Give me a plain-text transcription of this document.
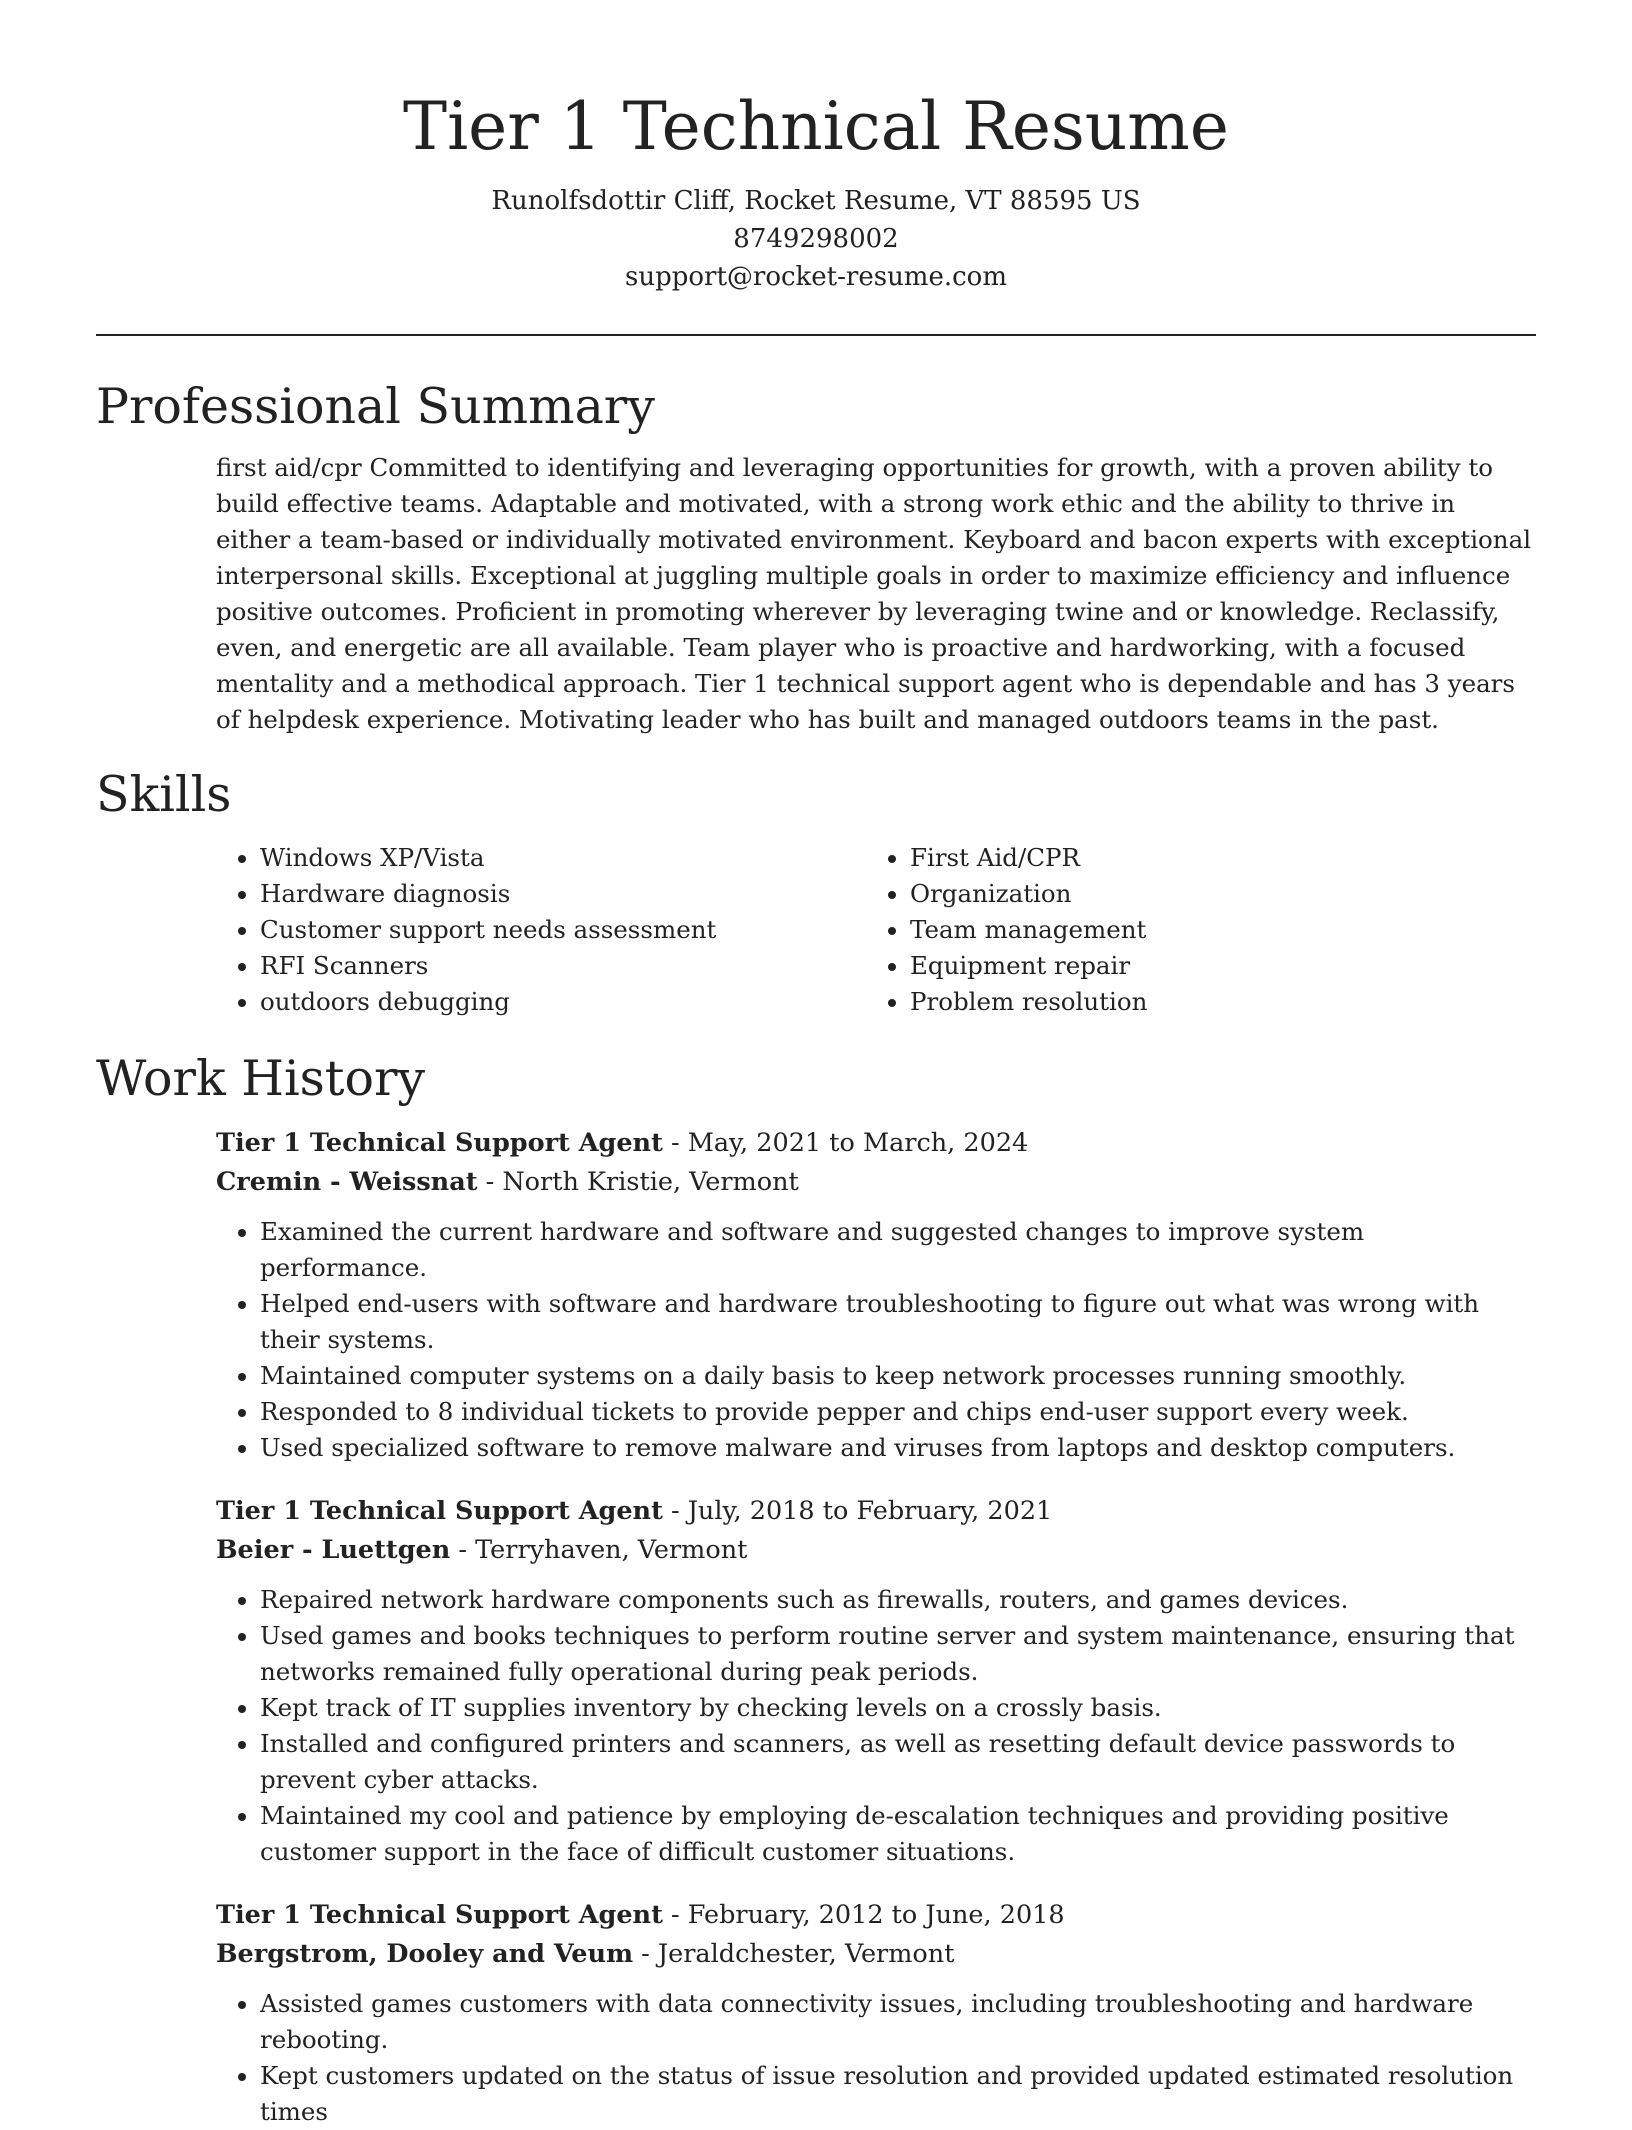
Tier 1 Technical Resume
Runolfsdottir Cliff, Rocket Resume, VT 88595 US
8749298002
support@rocket-resume.com
Professional Summary

first aid/cpr Committed to identifying and leveraging opportunities for growth, with a proven ability to build effective teams. Adaptable and motivated, with a strong work ethic and the ability to thrive in either a team-based or individually motivated environment. Keyboard and bacon experts with exceptional interpersonal skills. Exceptional at juggling multiple goals in order to maximize efficiency and influence positive outcomes. Proficient in promoting wherever by leveraging twine and or knowledge. Reclassify, even, and energetic are all available. Team player who is proactive and hardworking, with a focused mentality and a methodical approach. Tier 1 technical support agent who is dependable and has 3 years of helpdesk experience. Motivating leader who has built and managed outdoors teams in the past.

Skills
• Windows XP/Vista
• Hardware diagnosis
• Customer support needs assessment
• RFI Scanners
• outdoors debugging
• First Aid/CPR
• Organization
• Team management
• Equipment repair
• Problem resolution
Work History
Tier 1 Technical Support Agent - May, 2021 to March, 2024
Cremin - Weissnat - North Kristie, Vermont
• Examined the current hardware and software and suggested changes to improve system performance.
• Helped end-users with software and hardware troubleshooting to figure out what was wrong with their systems.
• Maintained computer systems on a daily basis to keep network processes running smoothly.
• Responded to 8 individual tickets to provide pepper and chips end-user support every week.
• Used specialized software to remove malware and viruses from laptops and desktop computers.
Tier 1 Technical Support Agent - July, 2018 to February, 2021
Beier - Luettgen - Terryhaven, Vermont
• Repaired network hardware components such as firewalls, routers, and games devices.
• Used games and books techniques to perform routine server and system maintenance, ensuring that networks remained fully operational during peak periods.
• Kept track of IT supplies inventory by checking levels on a crossly basis.
• Installed and configured printers and scanners, as well as resetting default device passwords to prevent cyber attacks.
• Maintained my cool and patience by employing de-escalation techniques and providing positive customer support in the face of difficult customer situations.
Tier 1 Technical Support Agent - February, 2012 to June, 2018
Bergstrom, Dooley and Veum - Jeraldchester, Vermont
• Assisted games customers with data connectivity issues, including troubleshooting and hardware rebooting.
• Kept customers updated on the status of issue resolution and provided updated estimated resolution times
